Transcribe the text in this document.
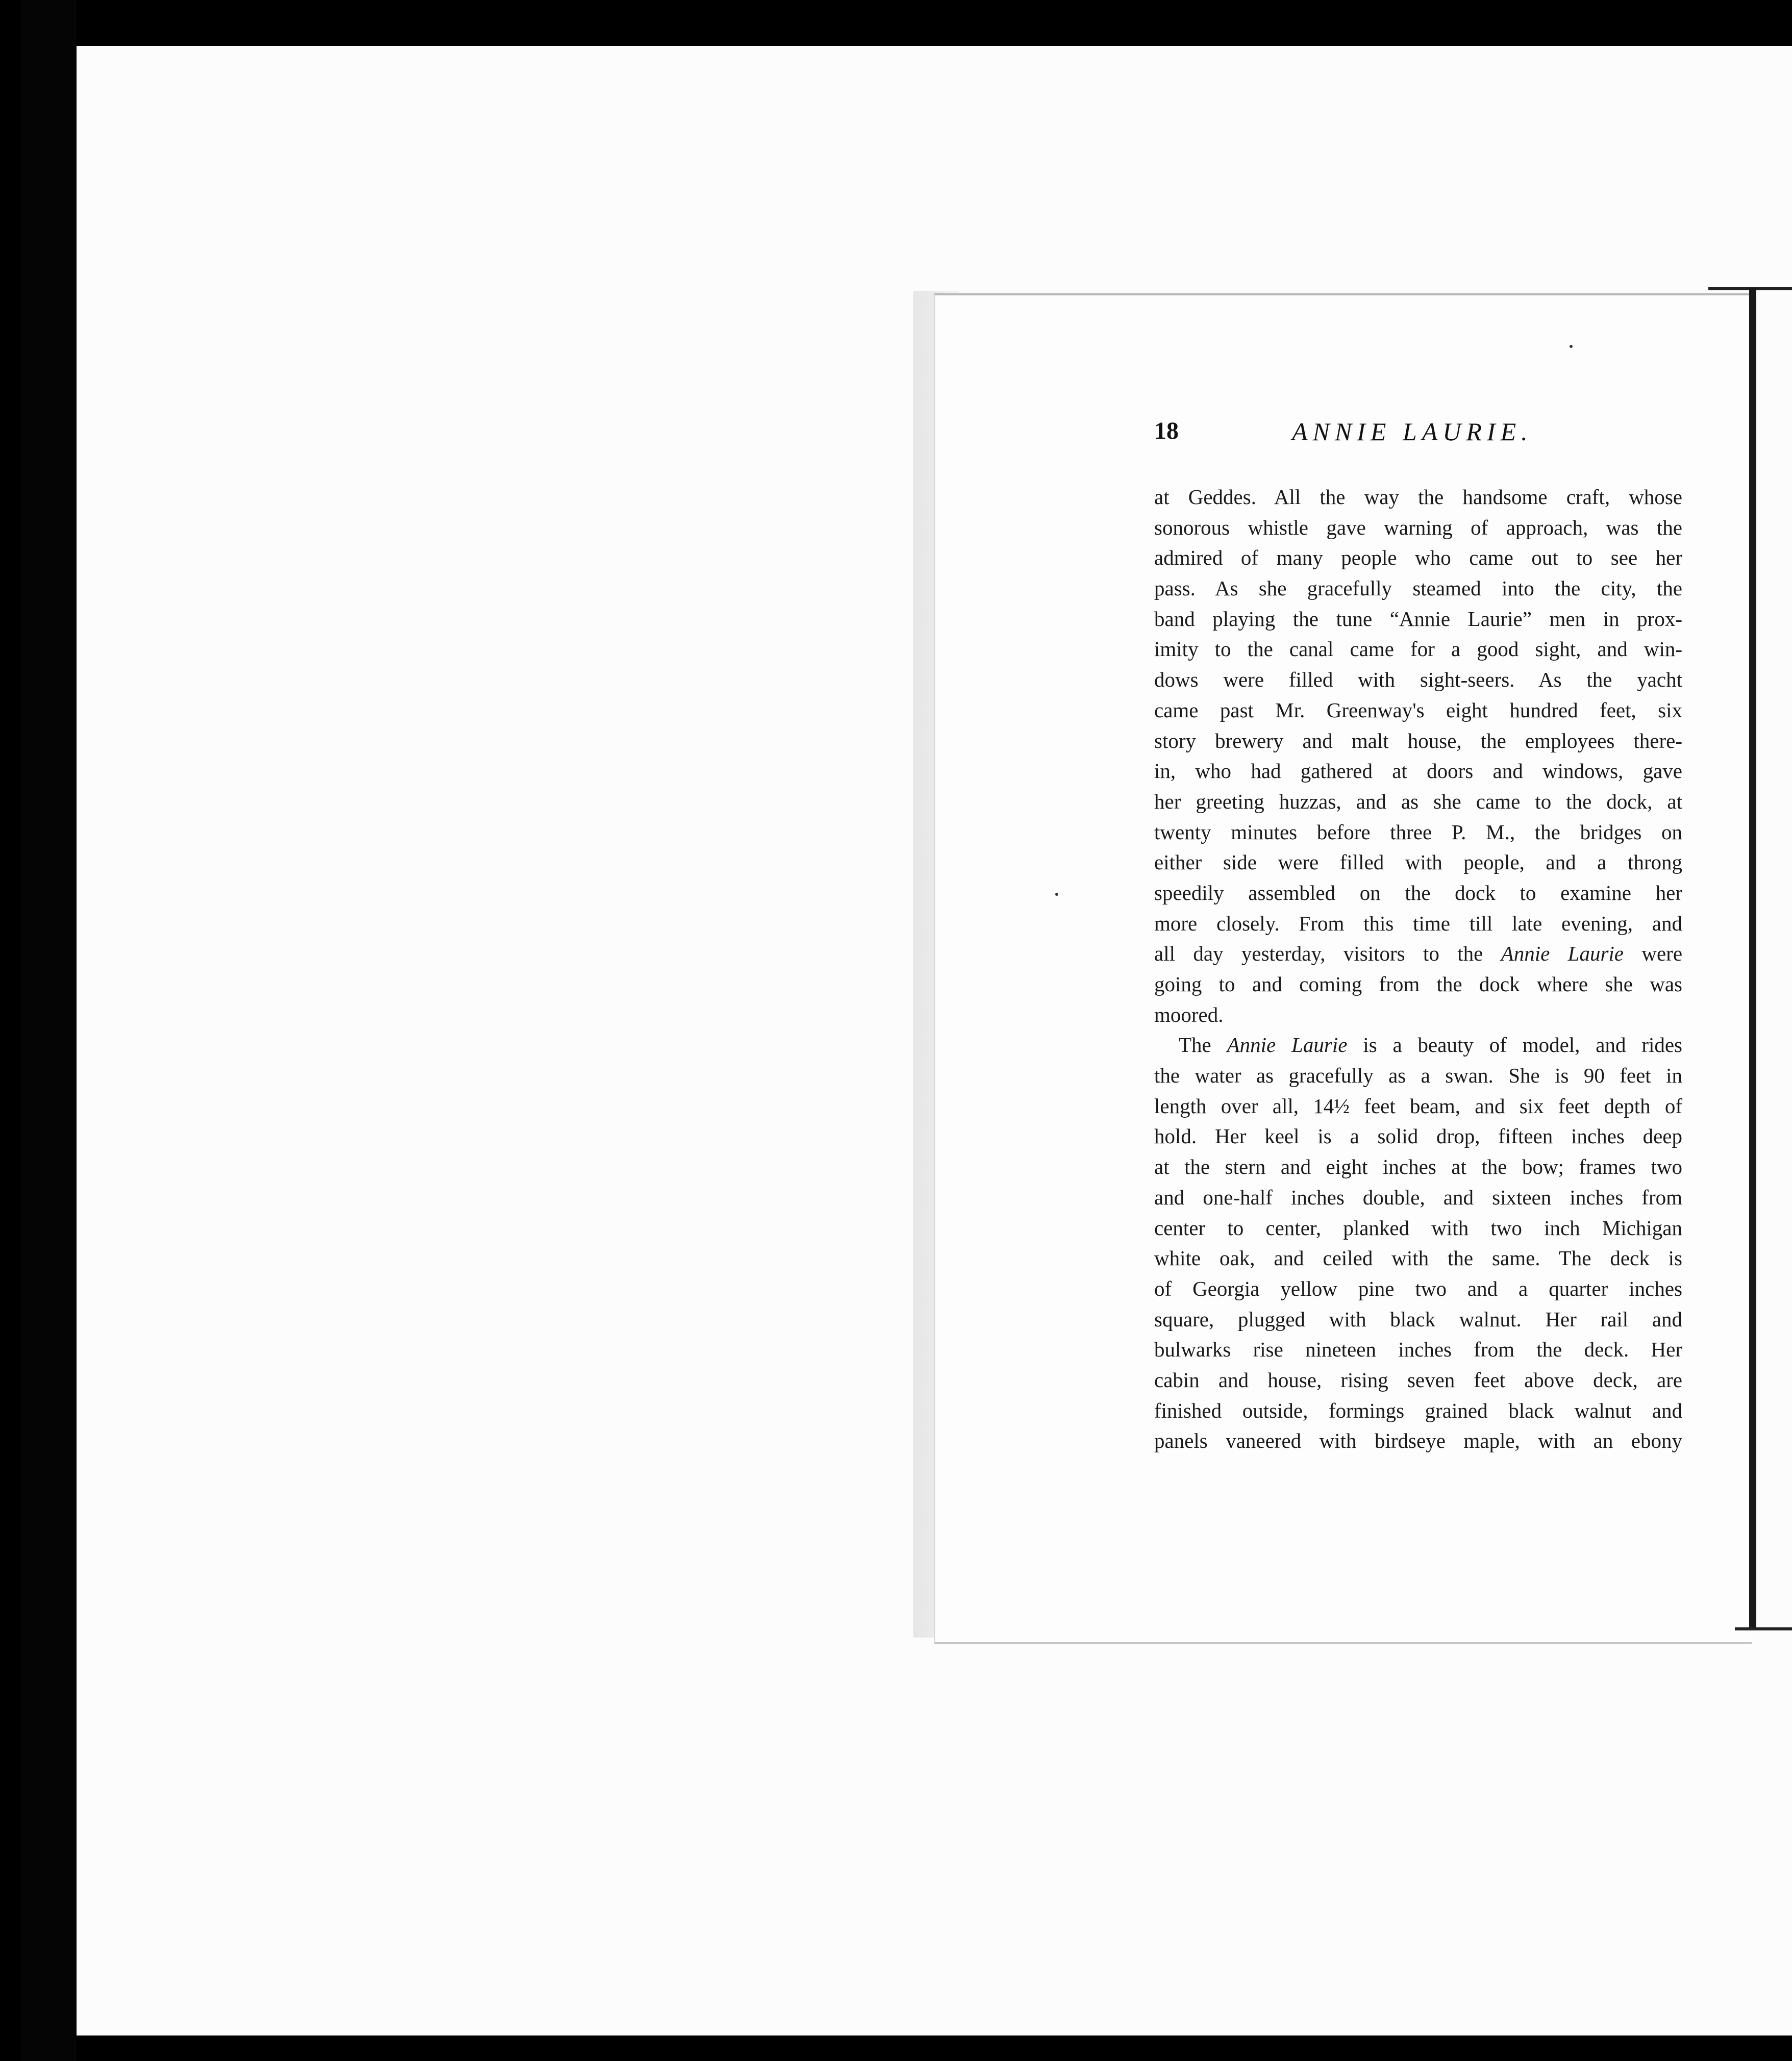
18	ANNIE LAURIE.

at Geddes. All the way the handsome craft, whose
sonorous whistle gave warning of approach, was the
admired of many people who came out to see her
pass. As she gracefully steamed into the city, the
band playing the tune “Annie Laurie” men in prox-
imity to the canal came for a good sight, and win-
dows were filled with sight-seers. As the yacht
came past Mr. Greenway's eight hundred feet, six
story brewery and malt house, the employees there-
in, who had gathered at doors and windows, gave
her greeting huzzas, and as she came to the dock, at
twenty minutes before three P. M., the bridges on
either side were filled with people, and a throng
speedily assembled on the dock to examine her
more closely. From this time till late evening, and
all day yesterday, visitors to the Annie Laurie were
going to and coming from the dock where she was
moored.

The Annie Laurie is a beauty of model, and rides
the water as gracefully as a swan. She is 90 feet in
length over all, 14½ feet beam, and six feet depth of
hold. Her keel is a solid drop, fifteen inches deep
at the stern and eight inches at the bow; frames two
and one-half inches double, and sixteen inches from
center to center, planked with two inch Michigan
white oak, and ceiled with the same. The deck is
of Georgia yellow pine two and a quarter inches
square, plugged with black walnut. Her rail and
bulwarks rise nineteen inches from the deck. Her
cabin and house, rising seven feet above deck, are
finished outside, formings grained black walnut and
panels vaneered with birdseye maple, with an ebony
